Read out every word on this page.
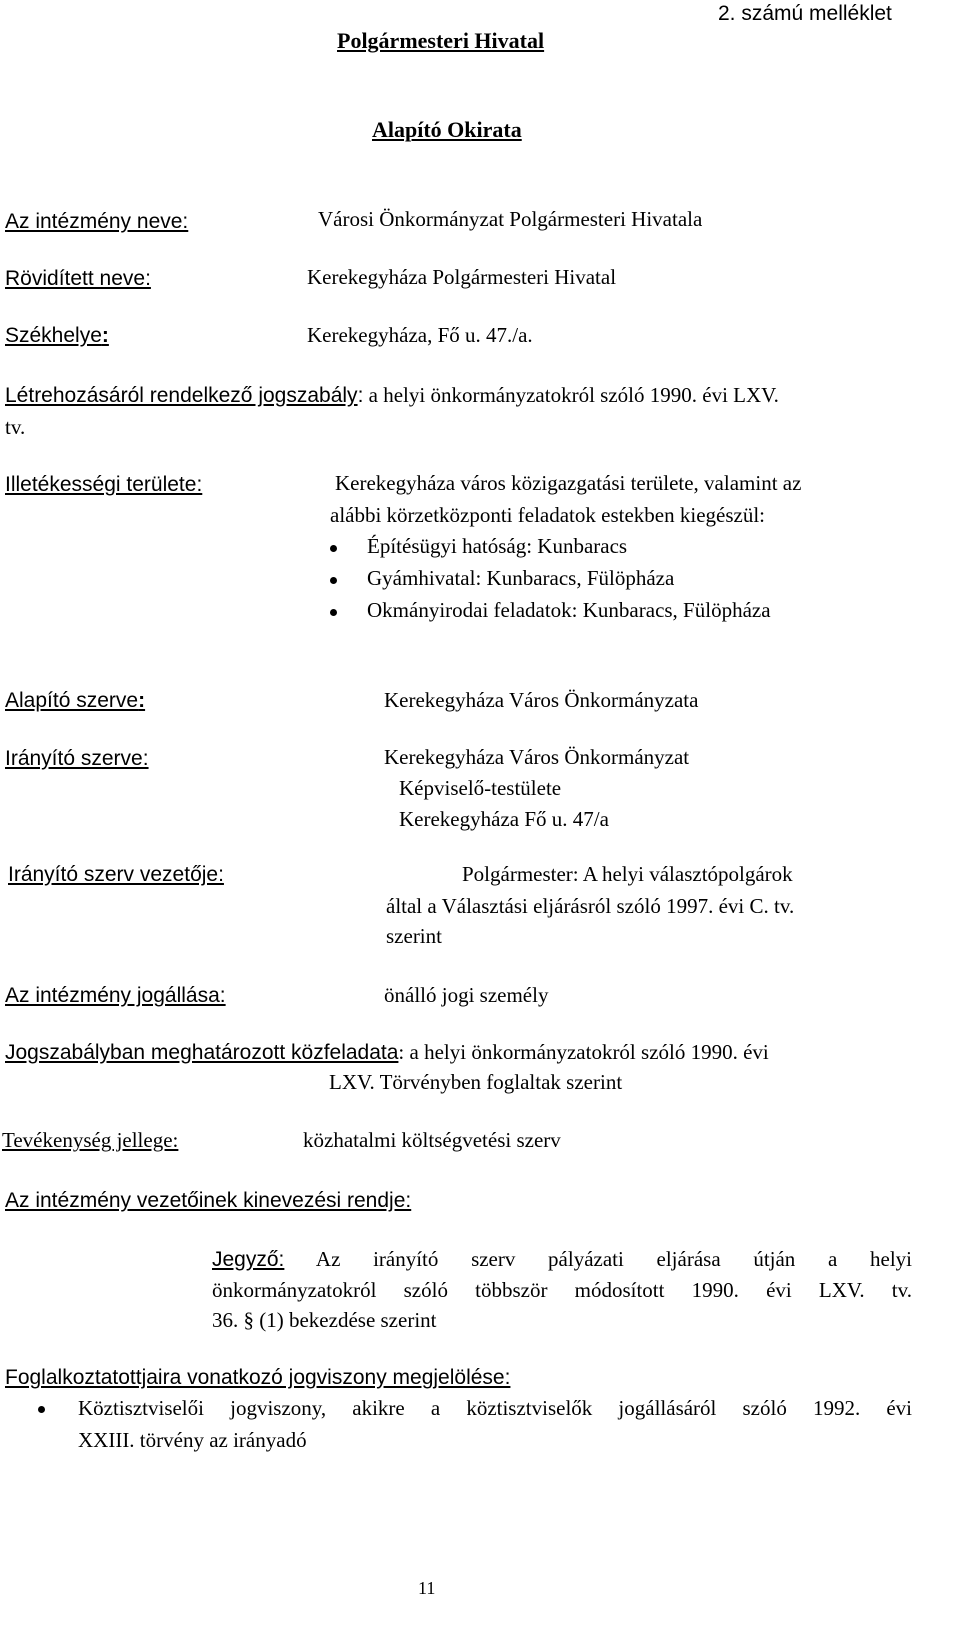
Polgármesteri Hivatal
2. számú melléklet
Alapító Okirata
Az intézmény neve:	Városi Önkormányzat Polgármesteri Hivatala
Rövidített neve:	Kerekegyháza Polgármesteri Hivatal
Székhelye:	Kerekegyháza, Fő u. 47./a.
Létrehozásáról rendelkező jogszabály: a helyi önkormányzatokról szóló 1990. évi LXV.
tv.
Illetékességi területe:	Kerekegyháza város közigazgatási területe, valamint az
alábbi körzetközponti feladatok estekben kiegészül:
Építésügyi hatóság: Kunbaracs
Gyámhivatal: Kunbaracs, Fülöpháza
Okmányirodai feladatok: Kunbaracs, Fülöpháza
Alapító szerve:	Kerekegyháza Város Önkormányzata
Irányító szerve:	Kerekegyháza Város Önkormányzat
Képviselő-testülete
Kerekegyháza Fő u. 47/a
Irányító szerv vezetője:	Polgármester: A helyi választópolgárok
által a Választási eljárásról szóló 1997. évi C. tv.
szerint
Az intézmény jogállása:	önálló jogi személy
Jogszabályban meghatározott közfeladata: a helyi önkormányzatokról szóló 1990. évi
LXV. Törvényben foglaltak szerint
Tevékenység jellege:	közhatalmi költségvetési szerv
Az intézmény vezetőinek kinevezési rendje:
Jegyző: Az irányító szerv pályázati eljárása útján a helyi
önkormányzatokról szóló többször módosított 1990. évi LXV. tv.
36. § (1) bekezdése szerint
Foglalkoztatottjaira vonatkozó jogviszony megjelölése:
Köztisztviselői jogviszony, akikre a köztisztviselők jogállásáról szóló 1992. évi
XXIII. törvény az irányadó
11
